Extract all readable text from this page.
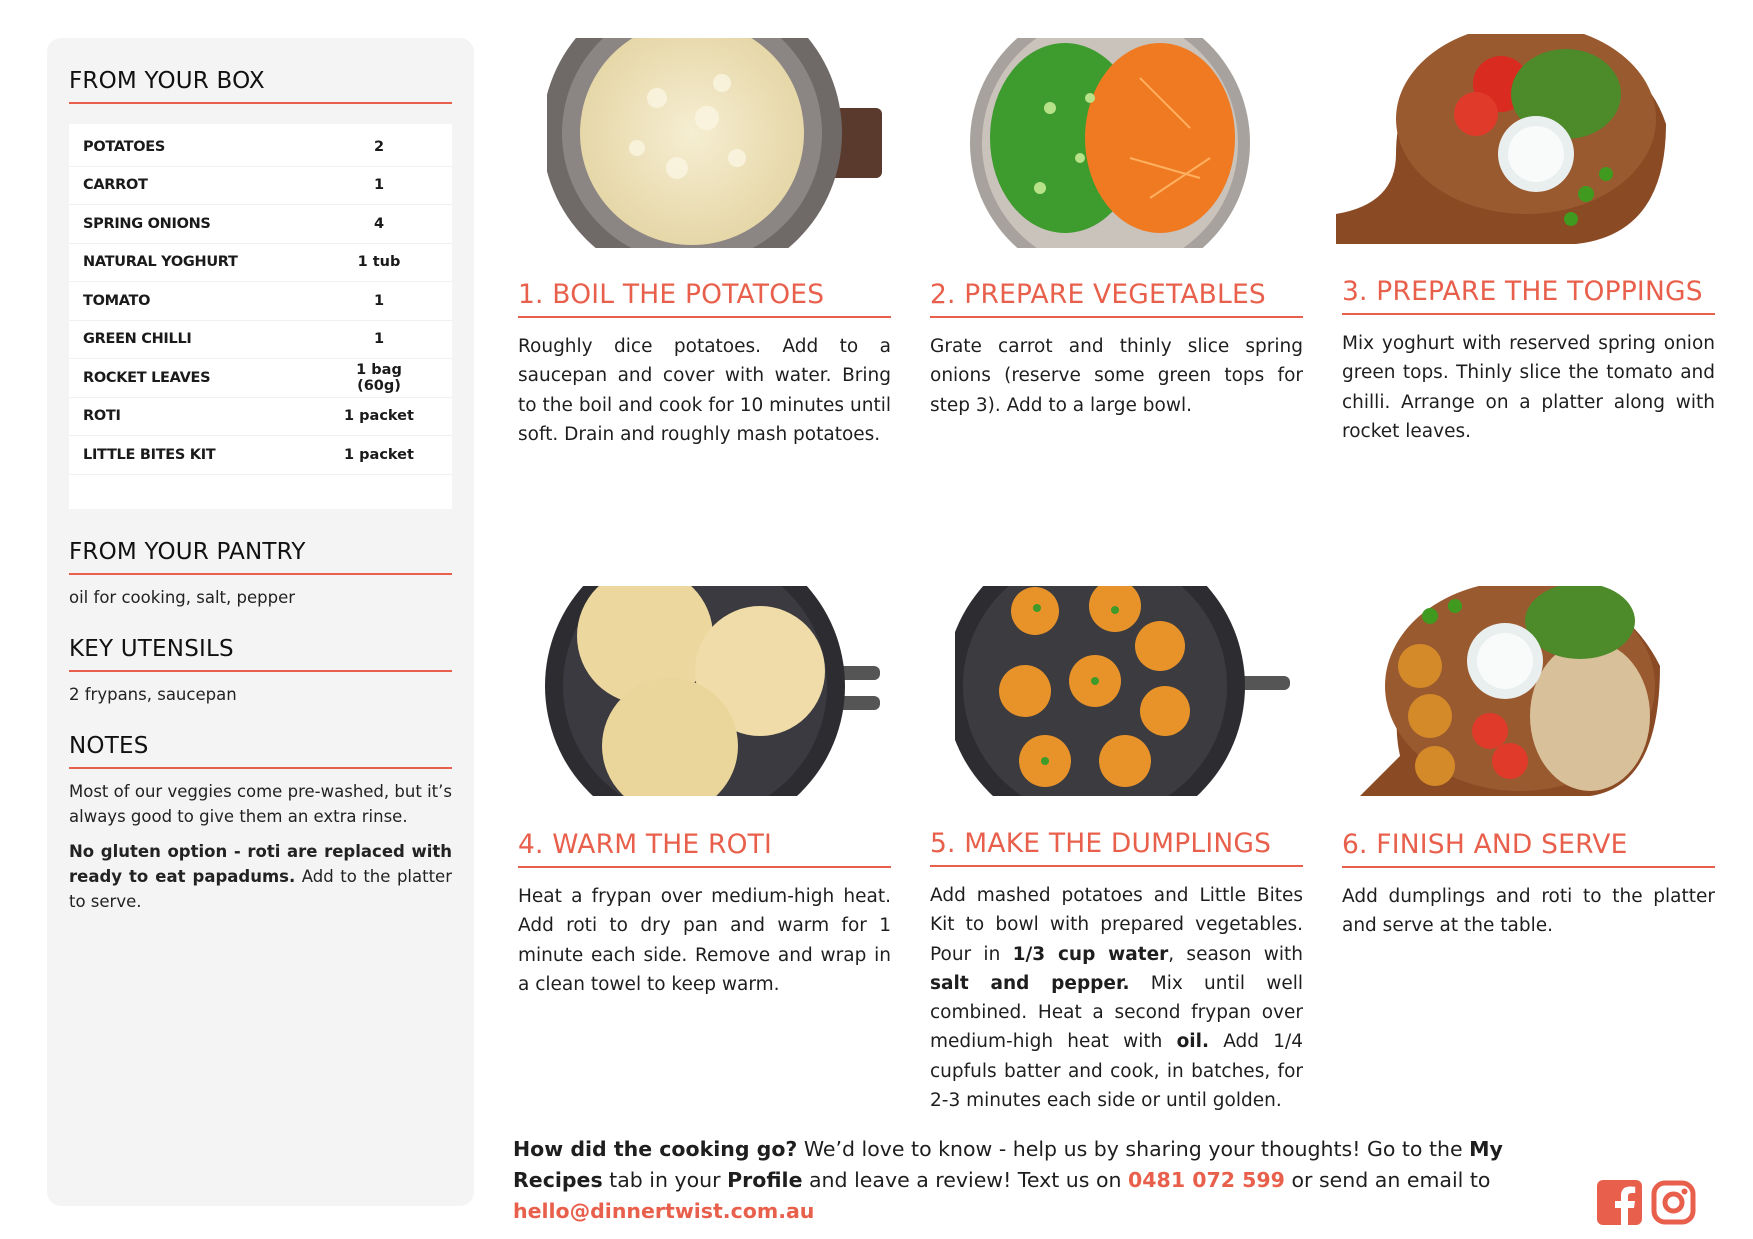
FROM YOUR BOX
POTATOES	2
CARROT	1
SPRING ONIONS	4
NATURAL YOGHURT	1 tub
TOMATO	1
GREEN CHILLI	1
ROCKET LEAVES	1 bag (60g)
ROTI	1 packet
LITTLE BITES KIT	1 packet
FROM YOUR PANTRY
oil for cooking, salt, pepper
KEY UTENSILS
2 frypans, saucepan
NOTES

Most of our veggies come pre-washed, but it’s always good to give them an extra rinse.

No gluten option - roti are replaced with ready to eat papadums. Add to the platter to serve.

1. BOIL THE POTATOES

Roughly dice potatoes. Add to a saucepan and cover with water. Bring to the boil and cook for 10 minutes until soft. Drain and roughly mash potatoes.

2. PREPARE VEGETABLES

Grate carrot and thinly slice spring onions (reserve some green tops for step 3). Add to a large bowl.

3. PREPARE THE TOPPINGS

Mix yoghurt with reserved spring onion green tops. Thinly slice the tomato and chilli. Arrange on a platter along with rocket leaves.

4. WARM THE ROTI

Heat a frypan over medium-high heat. Add roti to dry pan and warm for 1 minute each side. Remove and wrap in a clean towel to keep warm.

5. MAKE THE DUMPLINGS

Add mashed potatoes and Little Bites Kit to bowl with prepared vegetables. Pour in 1/3 cup water, season with salt and pepper. Mix until well combined. Heat a second frypan over medium-high heat with oil. Add 1/4 cupfuls batter and cook, in batches, for 2-3 minutes each side or until golden.

6. FINISH AND SERVE

Add dumplings and roti to the platter and serve at the table.

How did the cooking go? We’d love to know - help us by sharing your thoughts! Go to the My Recipes tab in your Profile and leave a review! Text us on 0481 072 599 or send an email to hello@dinnertwist.com.au
